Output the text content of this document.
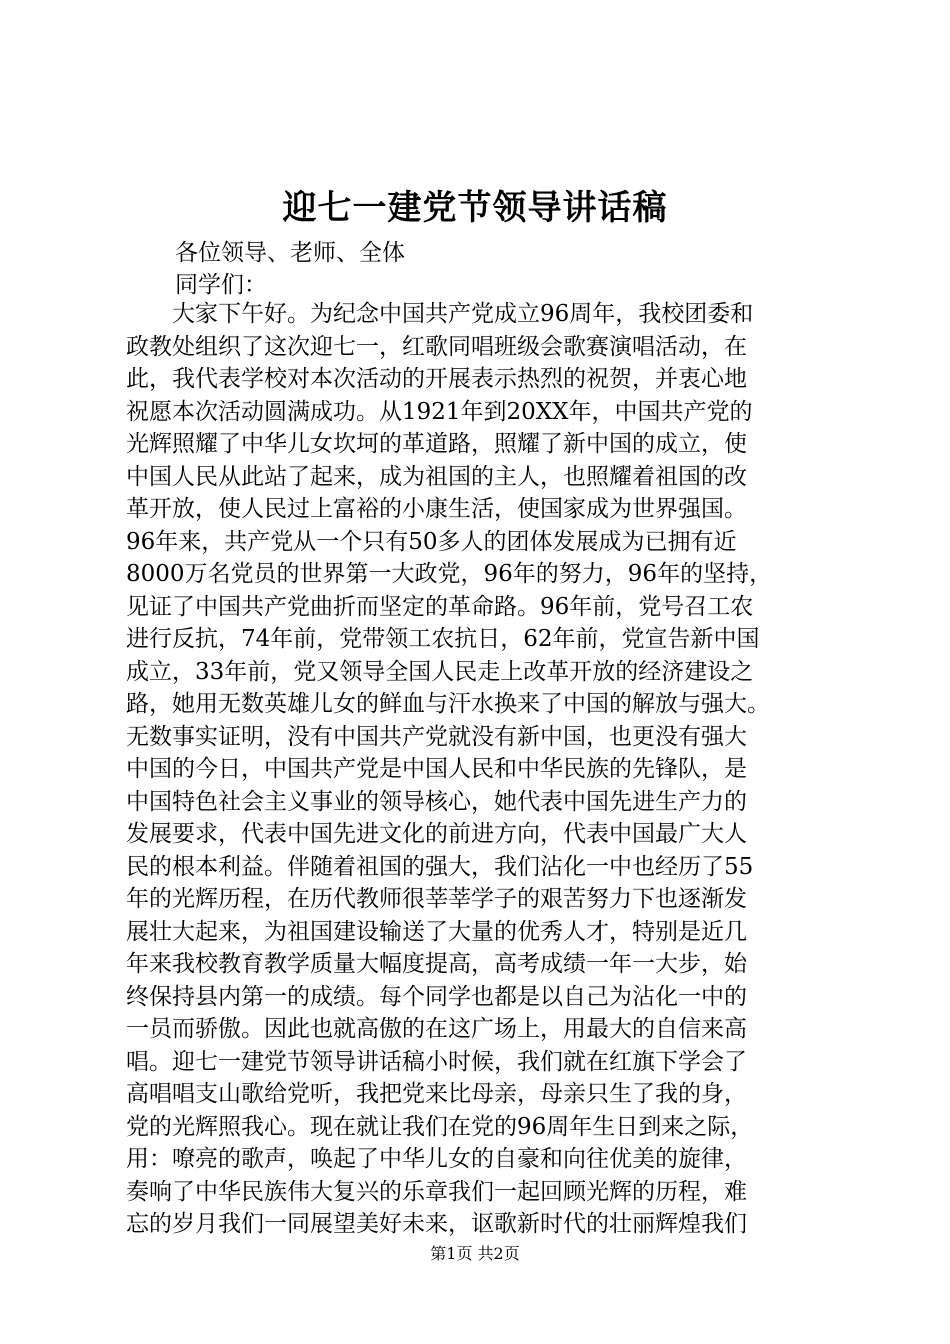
迎七一建党节领导讲话稿

各位领导、老师、全体

同学们：

　　大家下午好。为纪念中国共产党成立96周年，我校团委和
政教处组织了这次迎七一，红歌同唱班级会歌赛演唱活动，在
此，我代表学校对本次活动的开展表示热烈的祝贺，并衷心地
祝愿本次活动圆满成功。从1921年到20XX年，中国共产党的
光辉照耀了中华儿女坎坷的革道路，照耀了新中国的成立，使
中国人民从此站了起来，成为祖国的主人，也照耀着祖国的改
革开放，使人民过上富裕的小康生活，使国家成为世界强国。
96年来，共产党从一个只有50多人的团体发展成为已拥有近
8000万名党员的世界第一大政党，96年的努力，96年的坚持，
见证了中国共产党曲折而坚定的革命路。96年前，党号召工农
进行反抗，74年前，党带领工农抗日，62年前，党宣告新中国
成立，33年前，党又领导全国人民走上改革开放的经济建设之
路，她用无数英雄儿女的鲜血与汗水换来了中国的解放与强大。
无数事实证明，没有中国共产党就没有新中国，也更没有强大
中国的今日，中国共产党是中国人民和中华民族的先锋队，是
中国特色社会主义事业的领导核心，她代表中国先进生产力的
发展要求，代表中国先进文化的前进方向，代表中国最广大人
民的根本利益。伴随着祖国的强大，我们沾化一中也经历了55
年的光辉历程，在历代教师很莘莘学子的艰苦努力下也逐渐发
展壮大起来，为祖国建设输送了大量的优秀人才，特别是近几
年来我校教育教学质量大幅度提高，高考成绩一年一大步，始
终保持县内第一的成绩。每个同学也都是以自己为沾化一中的
一员而骄傲。因此也就高傲的在这广场上，用最大的自信来高
唱。迎七一建党节领导讲话稿小时候，我们就在红旗下学会了
高唱唱支山歌给党听，我把党来比母亲，母亲只生了我的身，
党的光辉照我心。现在就让我们在党的96周年生日到来之际，
用：嘹亮的歌声，唤起了中华儿女的自豪和向往优美的旋律，
奏响了中华民族伟大复兴的乐章我们一起回顾光辉的历程，难
忘的岁月我们一同展望美好未来，讴歌新时代的壮丽辉煌我们

第1页 共2页
